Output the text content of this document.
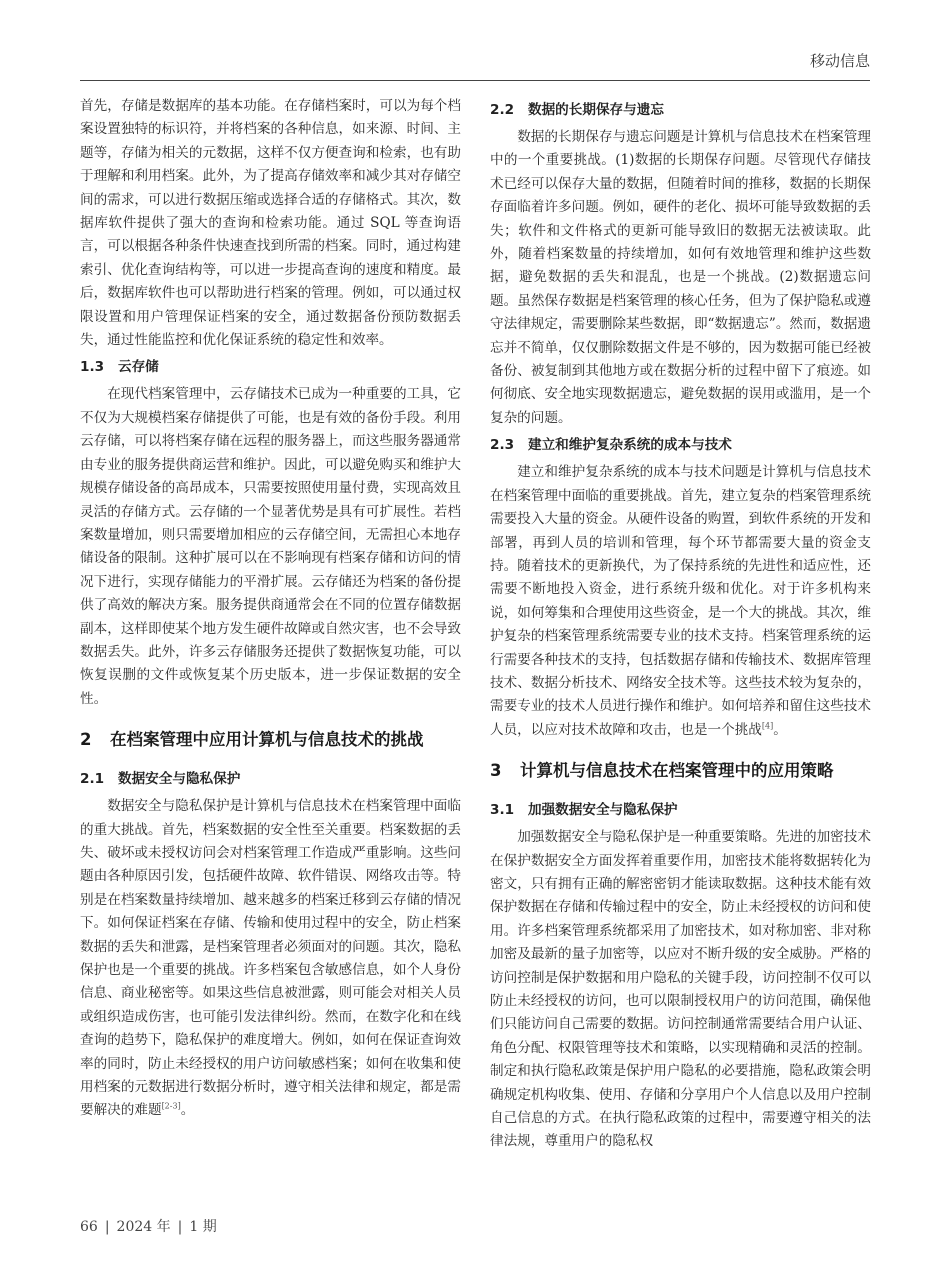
移动信息

首先，存储是数据库的基本功能。在存储档案时，可以为每个档案设置独特的标识符，并将档案的各种信息，如来源、时间、主题等，存储为相关的元数据，这样不仅方便查询和检索，也有助于理解和利用档案。此外，为了提高存储效率和减少其对存储空间的需求，可以进行数据压缩或选择合适的存储格式。其次，数据库软件提供了强大的查询和检索功能。通过 SQL 等查询语言，可以根据各种条件快速查找到所需的档案。同时，通过构建索引、优化查询结构等，可以进一步提高查询的速度和精度。最后，数据库软件也可以帮助进行档案的管理。例如，可以通过权限设置和用户管理保证档案的安全，通过数据备份预防数据丢失，通过性能监控和优化保证系统的稳定性和效率。

1.3 云存储

在现代档案管理中，云存储技术已成为一种重要的工具，它不仅为大规模档案存储提供了可能，也是有效的备份手段。利用云存储，可以将档案存储在远程的服务器上，而这些服务器通常由专业的服务提供商运营和维护。因此，可以避免购买和维护大规模存储设备的高昂成本，只需要按照使用量付费，实现高效且灵活的存储方式。云存储的一个显著优势是具有可扩展性。若档案数量增加，则只需要增加相应的云存储空间，无需担心本地存储设备的限制。这种扩展可以在不影响现有档案存储和访问的情况下进行，实现存储能力的平滑扩展。云存储还为档案的备份提供了高效的解决方案。服务提供商通常会在不同的位置存储数据副本，这样即使某个地方发生硬件故障或自然灾害，也不会导致数据丢失。此外，许多云存储服务还提供了数据恢复功能，可以恢复误删的文件或恢复某个历史版本，进一步保证数据的安全性。

2 在档案管理中应用计算机与信息技术的挑战
2.1 数据安全与隐私保护

数据安全与隐私保护是计算机与信息技术在档案管理中面临的重大挑战。首先，档案数据的安全性至关重要。档案数据的丢失、破坏或未授权访问会对档案管理工作造成严重影响。这些问题由各种原因引发，包括硬件故障、软件错误、网络攻击等。特别是在档案数量持续增加、越来越多的档案迁移到云存储的情况下。如何保证档案在存储、传输和使用过程中的安全，防止档案数据的丢失和泄露，是档案管理者必须面对的问题。其次，隐私保护也是一个重要的挑战。许多档案包含敏感信息，如个人身份信息、商业秘密等。如果这些信息被泄露，则可能会对相关人员或组织造成伤害，也可能引发法律纠纷。然而，在数字化和在线查询的趋势下，隐私保护的难度增大。例如，如何在保证查询效率的同时，防止未经授权的用户访问敏感档案；如何在收集和使用档案的元数据进行数据分析时，遵守相关法律和规定，都是需要解决的难题[2-3]。

2.2 数据的长期保存与遗忘

数据的长期保存与遗忘问题是计算机与信息技术在档案管理中的一个重要挑战。(1)数据的长期保存问题。尽管现代存储技术已经可以保存大量的数据，但随着时间的推移，数据的长期保存面临着许多问题。例如，硬件的老化、损坏可能导致数据的丢失；软件和文件格式的更新可能导致旧的数据无法被读取。此外，随着档案数量的持续增加，如何有效地管理和维护这些数据，避免数据的丢失和混乱，也是一个挑战。(2)数据遗忘问题。虽然保存数据是档案管理的核心任务，但为了保护隐私或遵守法律规定，需要删除某些数据，即“数据遗忘”。然而，数据遗忘并不简单，仅仅删除数据文件是不够的，因为数据可能已经被备份、被复制到其他地方或在数据分析的过程中留下了痕迹。如何彻底、安全地实现数据遗忘，避免数据的误用或滥用，是一个复杂的问题。

2.3 建立和维护复杂系统的成本与技术

建立和维护复杂系统的成本与技术问题是计算机与信息技术在档案管理中面临的重要挑战。首先，建立复杂的档案管理系统需要投入大量的资金。从硬件设备的购置，到软件系统的开发和部署，再到人员的培训和管理，每个环节都需要大量的资金支持。随着技术的更新换代，为了保持系统的先进性和适应性，还需要不断地投入资金，进行系统升级和优化。对于许多机构来说，如何筹集和合理使用这些资金，是一个大的挑战。其次，维护复杂的档案管理系统需要专业的技术支持。档案管理系统的运行需要各种技术的支持，包括数据存储和传输技术、数据库管理技术、数据分析技术、网络安全技术等。这些技术较为复杂的，需要专业的技术人员进行操作和维护。如何培养和留住这些技术人员，以应对技术故障和攻击，也是一个挑战[4]。

3 计算机与信息技术在档案管理中的应用策略
3.1 加强数据安全与隐私保护

加强数据安全与隐私保护是一种重要策略。先进的加密技术在保护数据安全方面发挥着重要作用，加密技术能将数据转化为密文，只有拥有正确的解密密钥才能读取数据。这种技术能有效保护数据在存储和传输过程中的安全，防止未经授权的访问和使用。许多档案管理系统都采用了加密技术，如对称加密、非对称加密及最新的量子加密等，以应对不断升级的安全威胁。严格的访问控制是保护数据和用户隐私的关键手段，访问控制不仅可以防止未经授权的访问，也可以限制授权用户的访问范围，确保他们只能访问自己需要的数据。访问控制通常需要结合用户认证、角色分配、权限管理等技术和策略，以实现精确和灵活的控制。制定和执行隐私政策是保护用户隐私的必要措施，隐私政策会明确规定机构收集、使用、存储和分享用户个人信息以及用户控制自己信息的方式。在执行隐私政策的过程中，需要遵守相关的法律法规，尊重用户的隐私权

66 | 2024 年 | 1 期
